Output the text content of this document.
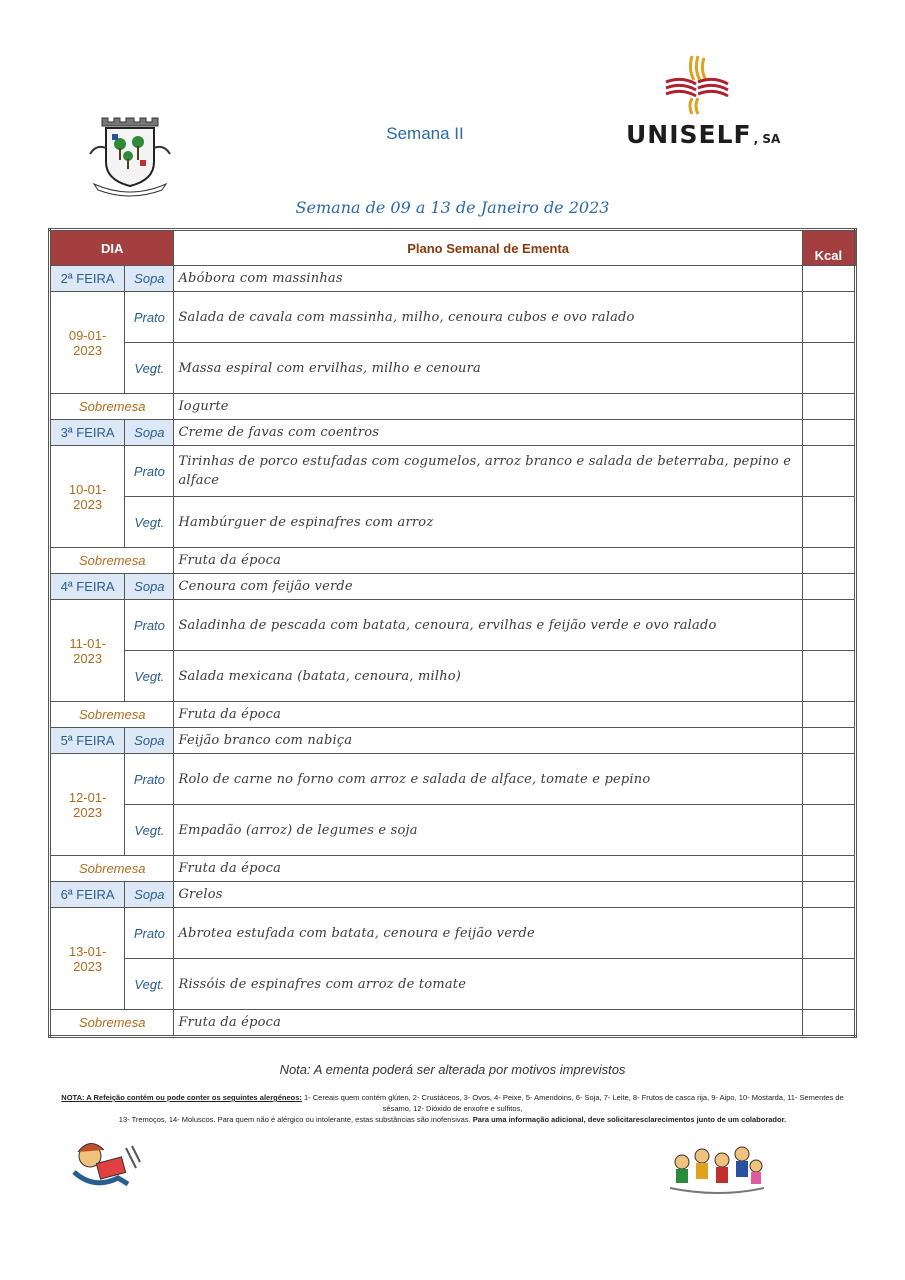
Semana II	UNISELF , SA
Semana de 09 a 13 de Janeiro de 2023
DIA		Plano Semanal de Ementa	Kcal
2ª FEIRA	Sopa	Abóbora com massinhas	
09-01-2023	Prato	Salada de cavala com massinha, milho, cenoura cubos e ovo ralado	
	Vegt.	Massa espiral com ervilhas, milho e cenoura	
Sobremesa		Iogurte	
3ª FEIRA	Sopa	Creme de favas com coentros	
10-01-2023	Prato	Tirinhas de porco estufadas com cogumelos, arroz branco e salada de beterraba, pepino e alface	
	Vegt.	Hambúrguer de espinafres com arroz	
Sobremesa		Fruta da época	
4ª FEIRA	Sopa	Cenoura com feijão verde	
11-01-2023	Prato	Saladinha de pescada com batata, cenoura, ervilhas e feijão verde e ovo ralado	
	Vegt.	Salada mexicana (batata, cenoura, milho)	
Sobremesa		Fruta da época	
5ª FEIRA	Sopa	Feijão branco com nabiça	
12-01-2023	Prato	Rolo de carne no forno com arroz e salada de alface, tomate e pepino	
	Vegt.	Empadão (arroz) de legumes e soja	
Sobremesa		Fruta da época	
6ª FEIRA	Sopa	Grelos	
13-01-2023	Prato	Abrotea estufada com batata, cenoura e feijão verde	
	Vegt.	Rissóis de espinafres com arroz de tomate	
Sobremesa		Fruta da época	
Nota: A ementa poderá ser alterada por motivos imprevistos
NOTA: A Refeição contém ou pode conter os seguintes alergéneos: 1- Cereais quem contém glúten, 2- Crustáceos, 3- Ovos, 4- Peixe, 5- Amendoins, 6- Soja, 7- Leite, 8- Frutos de casca rija, 9- Aipo, 10- Mostarda, 11- Sementes de sésamo, 12- Dióxido de enxofre e sulfitos,
13- Tremoços, 14- Moluscos. Para quem não é alérgico ou intolerante, estas substâncias são inofensivas. Para uma informação adicional, deve solicitaresclarecimentos junto de um colaborador.
